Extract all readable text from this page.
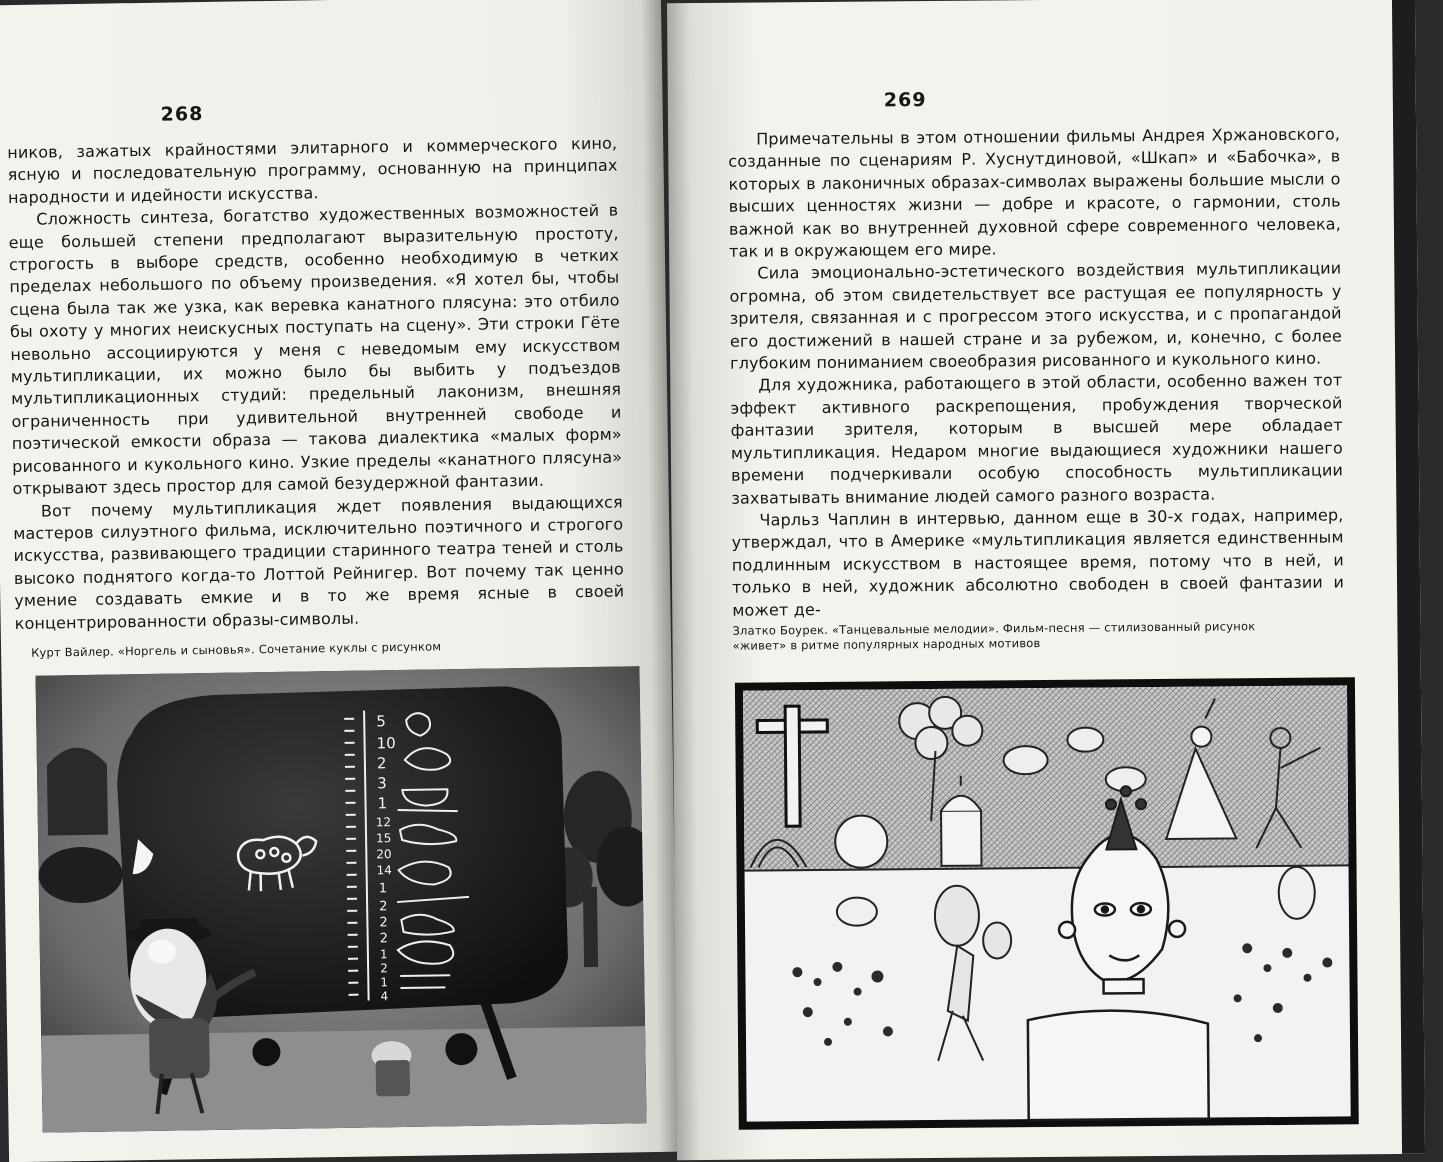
268

ников, зажатых крайностями элитарного и коммерческого кино, ясную и последовательную программу, основанную на принципах народности и идейности искусства.

Сложность синтеза, богатство художественных возможностей в еще большей степени предполагают выразительную простоту, строгость в выборе средств, особенно необходимую в четких пределах небольшого по объему произведения. «Я хотел бы, чтобы сцена была так же узка, как веревка канатного плясуна: это отбило бы охоту у многих неискусных поступать на сцену». Эти строки Гёте невольно ассоциируются у меня с неведомым ему искусством мультипликации, их можно было бы выбить у подъездов мультипликационных студий: предельный лаконизм, внешняя ограниченность при удивительной внутренней свободе и поэтической емкости образа — такова диалектика «малых форм» рисованного и кукольного кино. Узкие пределы «канатного плясуна» открывают здесь простор для самой безудержной фантазии.

Вот почему мультипликация ждет появления выдающихся мастеров силуэтного фильма, исключительно поэтичного и строгого искусства, развивающего традиции старинного театра теней и столь высоко поднятого когда-то Лоттой Рейнигер. Вот почему так ценно умение создавать емкие и в то же время ясные в своей концентрированности образы-символы.

Курт Вайлер. «Норгель и сыновья». Сочетание куклы с рисунком
5
10
2
3
1
12
15
20
14
1
2
2
2
1
2
1
4
269

Примечательны в этом отношении фильмы Андрея Хржановского, созданные по сценариям Р. Хуснутдиновой, «Шкап» и «Бабочка», в которых в лаконичных образах-символах выражены большие мысли о высших ценностях жизни — добре и красоте, о гармонии, столь важной как во внутренней духовной сфере современного человека, так и в окружающем его мире.

Сила эмоционально-эстетического воздействия мультипликации огромна, об этом свидетельствует все растущая ее популярность у зрителя, связанная и с прогрессом этого искусства, и с пропагандой его достижений в нашей стране и за рубежом, и, конечно, с более глубоким пониманием своеобразия рисованного и кукольного кино.

Для художника, работающего в этой области, особенно важен тот эффект активного раскрепощения, пробуждения творческой фантазии зрителя, которым в высшей мере обладает мультипликация. Недаром многие выдающиеся художники нашего времени подчеркивали особую способность мультипликации захватывать внимание людей самого разного возраста.

Чарльз Чаплин в интервью, данном еще в 30-х годах, например, утверждал, что в Америке «мультипликация является единственным подлинным искусством в настоящее время, потому что в ней, и только в ней, художник абсолютно свободен в своей фантазии и может де-

Златко Боурек. «Танцевальные мелодии». Фильм-песня — стилизованный рисунок «живет» в ритме популярных народных мотивов
